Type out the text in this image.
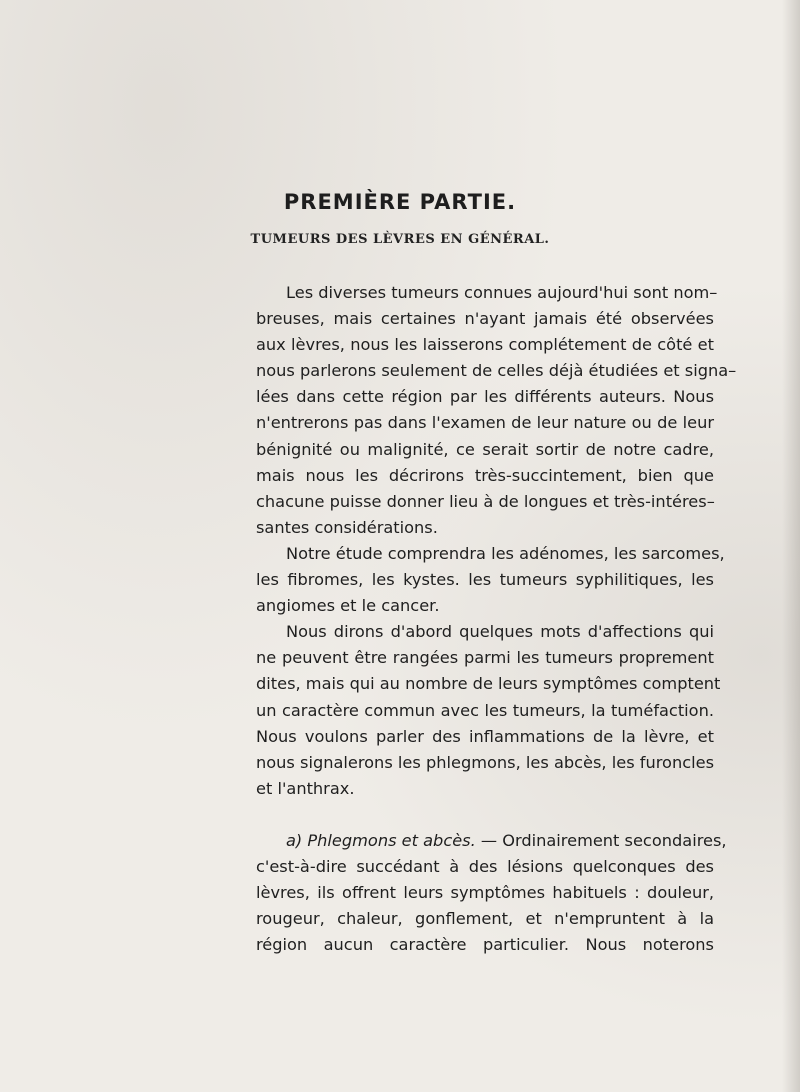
PREMIÈRE PARTIE.
TUMEURS DES LÈVRES EN GÉNÉRAL.
Les diverses tumeurs connues aujourd'hui sont nom–
breuses, mais certaines n'ayant jamais été observées
aux lèvres, nous les laisserons complétement de côté et
nous parlerons seulement de celles déjà étudiées et signa–
lées dans cette région par les différents auteurs. Nous
n'entrerons pas dans l'examen de leur nature ou de leur
bénignité ou malignité, ce serait sortir de notre cadre,
mais nous les décrirons très-succintement, bien que
chacune puisse donner lieu à de longues et très-intéres–
santes considérations.
Notre étude comprendra les adénomes, les sarcomes,
les fibromes, les kystes. les tumeurs syphilitiques, les
angiomes et le cancer.
Nous dirons d'abord quelques mots d'affections qui
ne peuvent être rangées parmi les tumeurs proprement
dites, mais qui au nombre de leurs symptômes comptent
un caractère commun avec les tumeurs, la tuméfaction.
Nous voulons parler des inflammations de la lèvre, et
nous signalerons les phlegmons, les abcès, les furoncles
et l'anthrax.
a) Phlegmons et abcès. — Ordinairement secondaires,
c'est-à-dire succédant à des lésions quelconques des
lèvres, ils offrent leurs symptômes habituels : douleur,
rougeur, chaleur, gonflement, et n'empruntent à la
région aucun caractère particulier. Nous noterons
